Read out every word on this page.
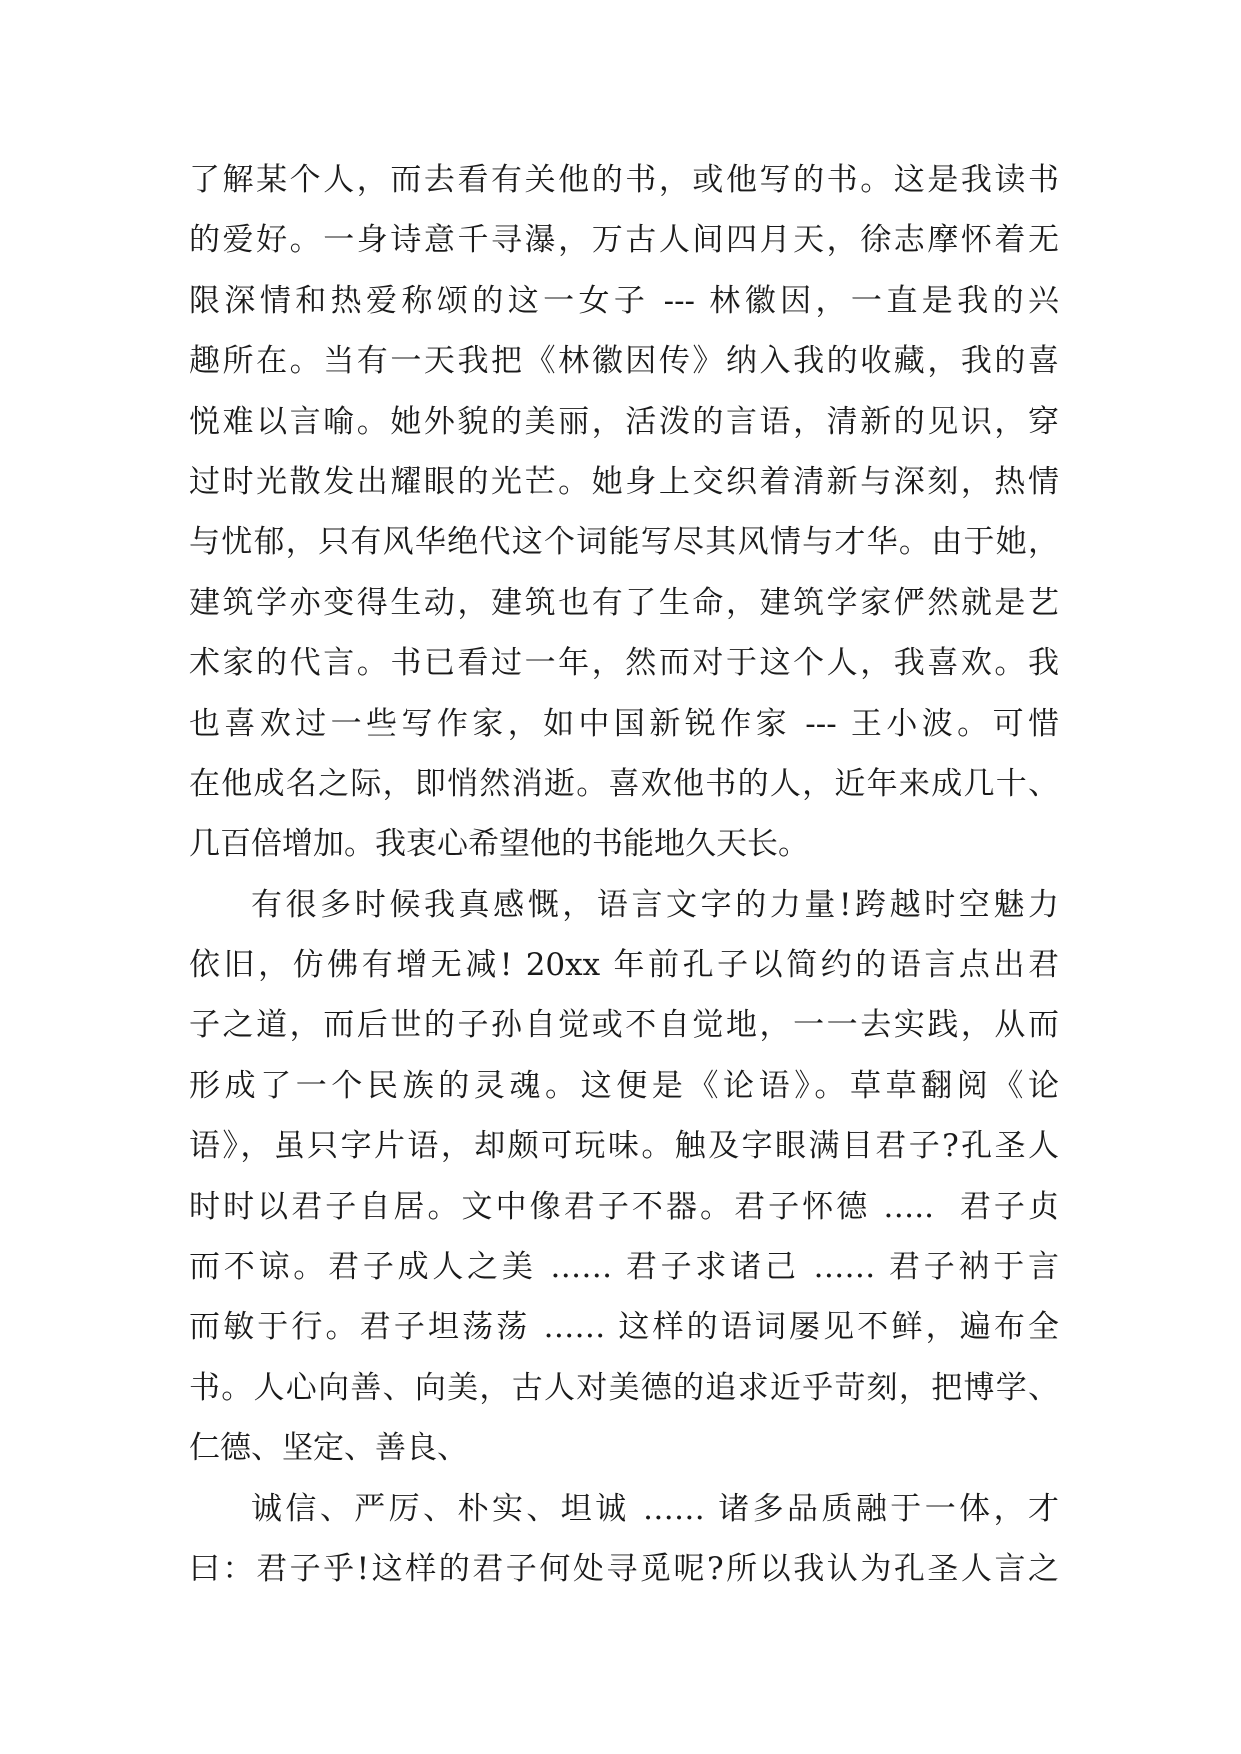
了解某个人，而去看有关他的书，或他写的书。这是我读书
的爱好。一身诗意千寻瀑，万古人间四月天，徐志摩怀着无
限深情和热爱称颂的这一女子 --- 林徽因，一直是我的兴
趣所在。当有一天我把《林徽因传》纳入我的收藏，我的喜
悦难以言喻。她外貌的美丽，活泼的言语，清新的见识，穿
过时光散发出耀眼的光芒。她身上交织着清新与深刻，热情
与忧郁，只有风华绝代这个词能写尽其风情与才华。由于她，
建筑学亦变得生动，建筑也有了生命，建筑学家俨然就是艺
术家的代言。书已看过一年，然而对于这个人，我喜欢。我
也喜欢过一些写作家，如中国新锐作家 --- 王小波。可惜
在他成名之际，即悄然消逝。喜欢他书的人，近年来成几十、
几百倍增加。我衷心希望他的书能地久天长。
有很多时候我真感慨，语言文字的力量!跨越时空魅力
依旧，仿佛有增无减! 20xx 年前孔子以简约的语言点出君
子之道，而后世的子孙自觉或不自觉地，一一去实践，从而
形成了一个民族的灵魂。这便是《论语》。草草翻阅《论
语》，虽只字片语，却颇可玩味。触及字眼满目君子?孔圣人
时时以君子自居。文中像君子不器。君子怀德 …..  君子贞
而不谅。君子成人之美 …… 君子求诸己 …… 君子衲于言
而敏于行。君子坦荡荡 …… 这样的语词屡见不鲜，遍布全
书。人心向善、向美，古人对美德的追求近乎苛刻，把博学、
仁德、坚定、善良、
诚信、严厉、朴实、坦诚 …… 诸多品质融于一体，才
曰：君子乎!这样的君子何处寻觅呢?所以我认为孔圣人言之
